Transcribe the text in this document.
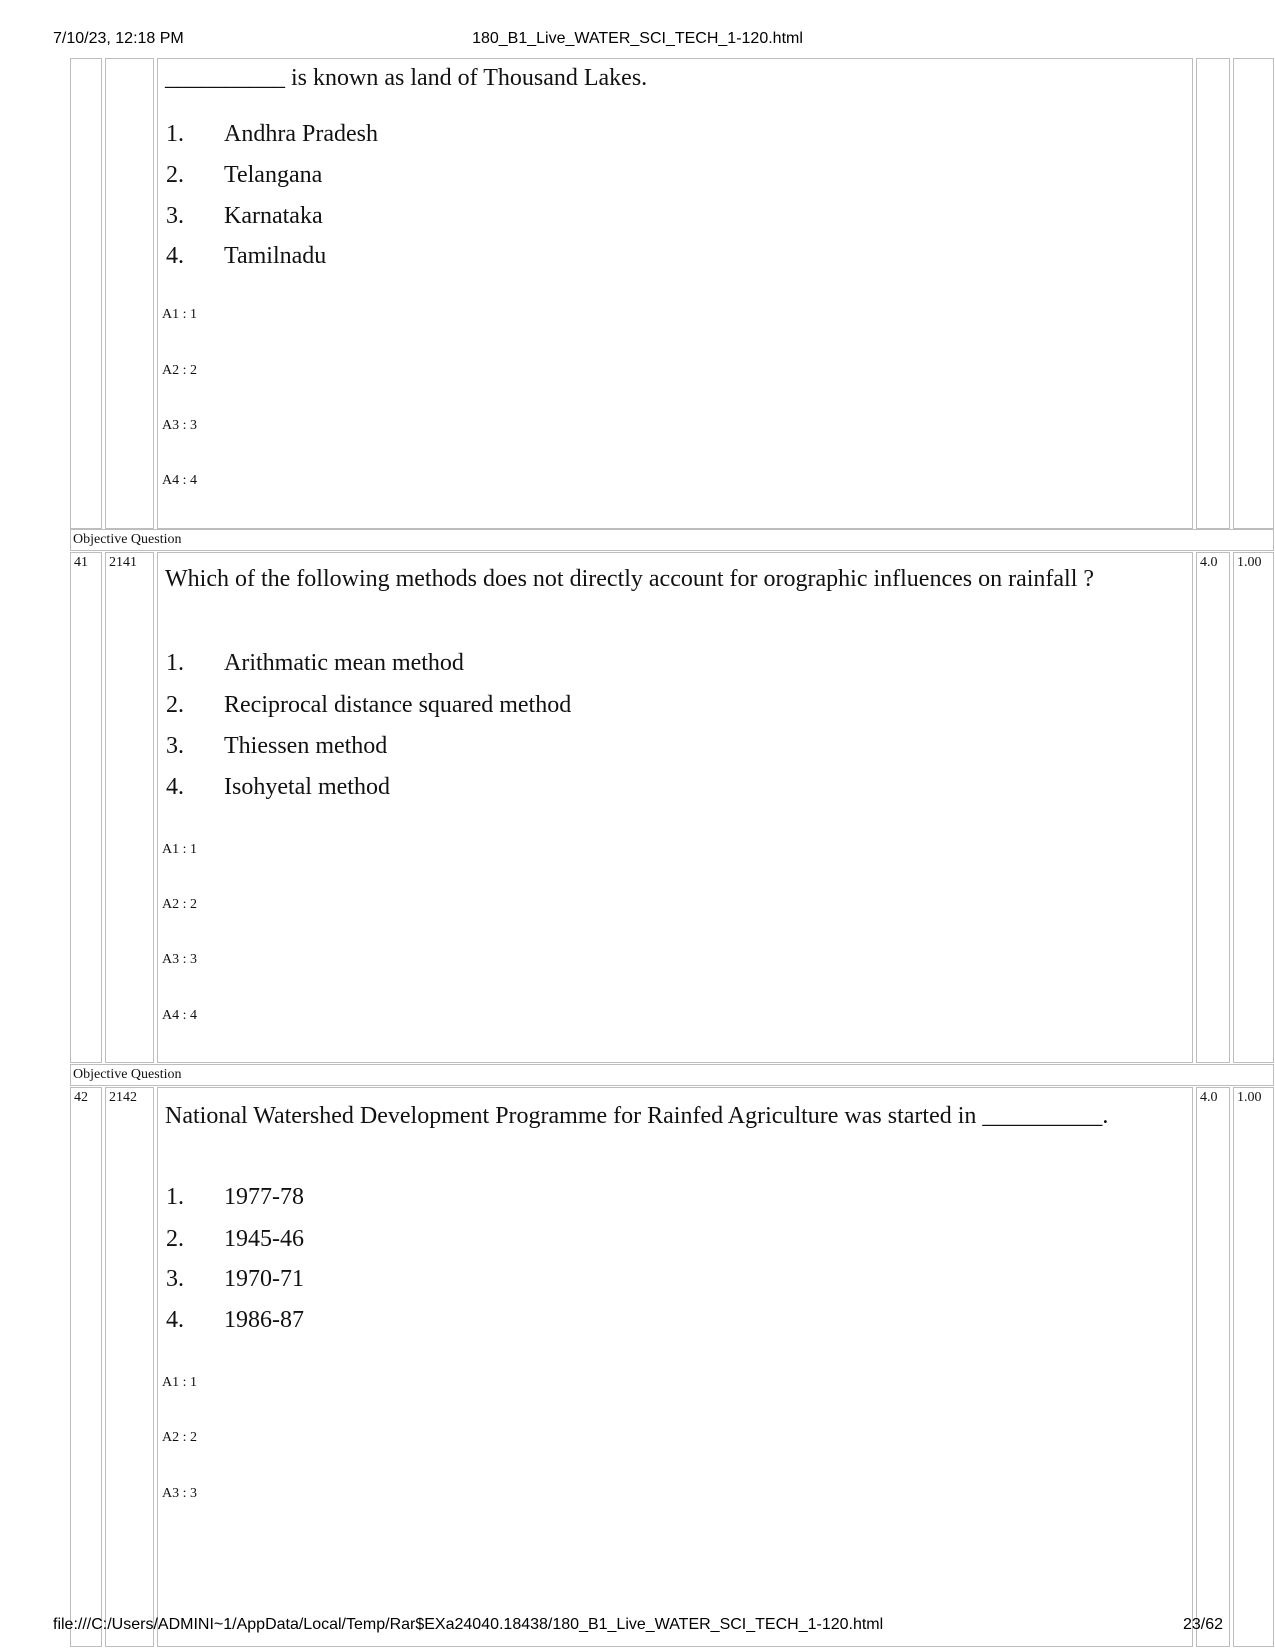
7/10/23, 12:18 PM	180_B1_Live_WATER_SCI_TECH_1-120.html
__________ is known as land of Thousand Lakes.
1. Andhra Pradesh
2. Telangana
3. Karnataka
4. Tamilnadu
A1 : 1
A2 : 2
A3 : 3
A4 : 4
Objective Question
41	2141	4.0	1.00
Which of the following methods does not directly account for orographic influences on rainfall ?
1. Arithmatic mean method
2. Reciprocal distance squared method
3. Thiessen method
4. Isohyetal method
A1 : 1
A2 : 2
A3 : 3
A4 : 4
Objective Question
42	2142	4.0	1.00
National Watershed Development Programme for Rainfed Agriculture was started in __________.
1. 1977-78
2. 1945-46
3. 1970-71
4. 1986-87
A1 : 1
A2 : 2
A3 : 3
file:///C:/Users/ADMINI~1/AppData/Local/Temp/Rar$EXa24040.18438/180_B1_Live_WATER_SCI_TECH_1-120.html	23/62
